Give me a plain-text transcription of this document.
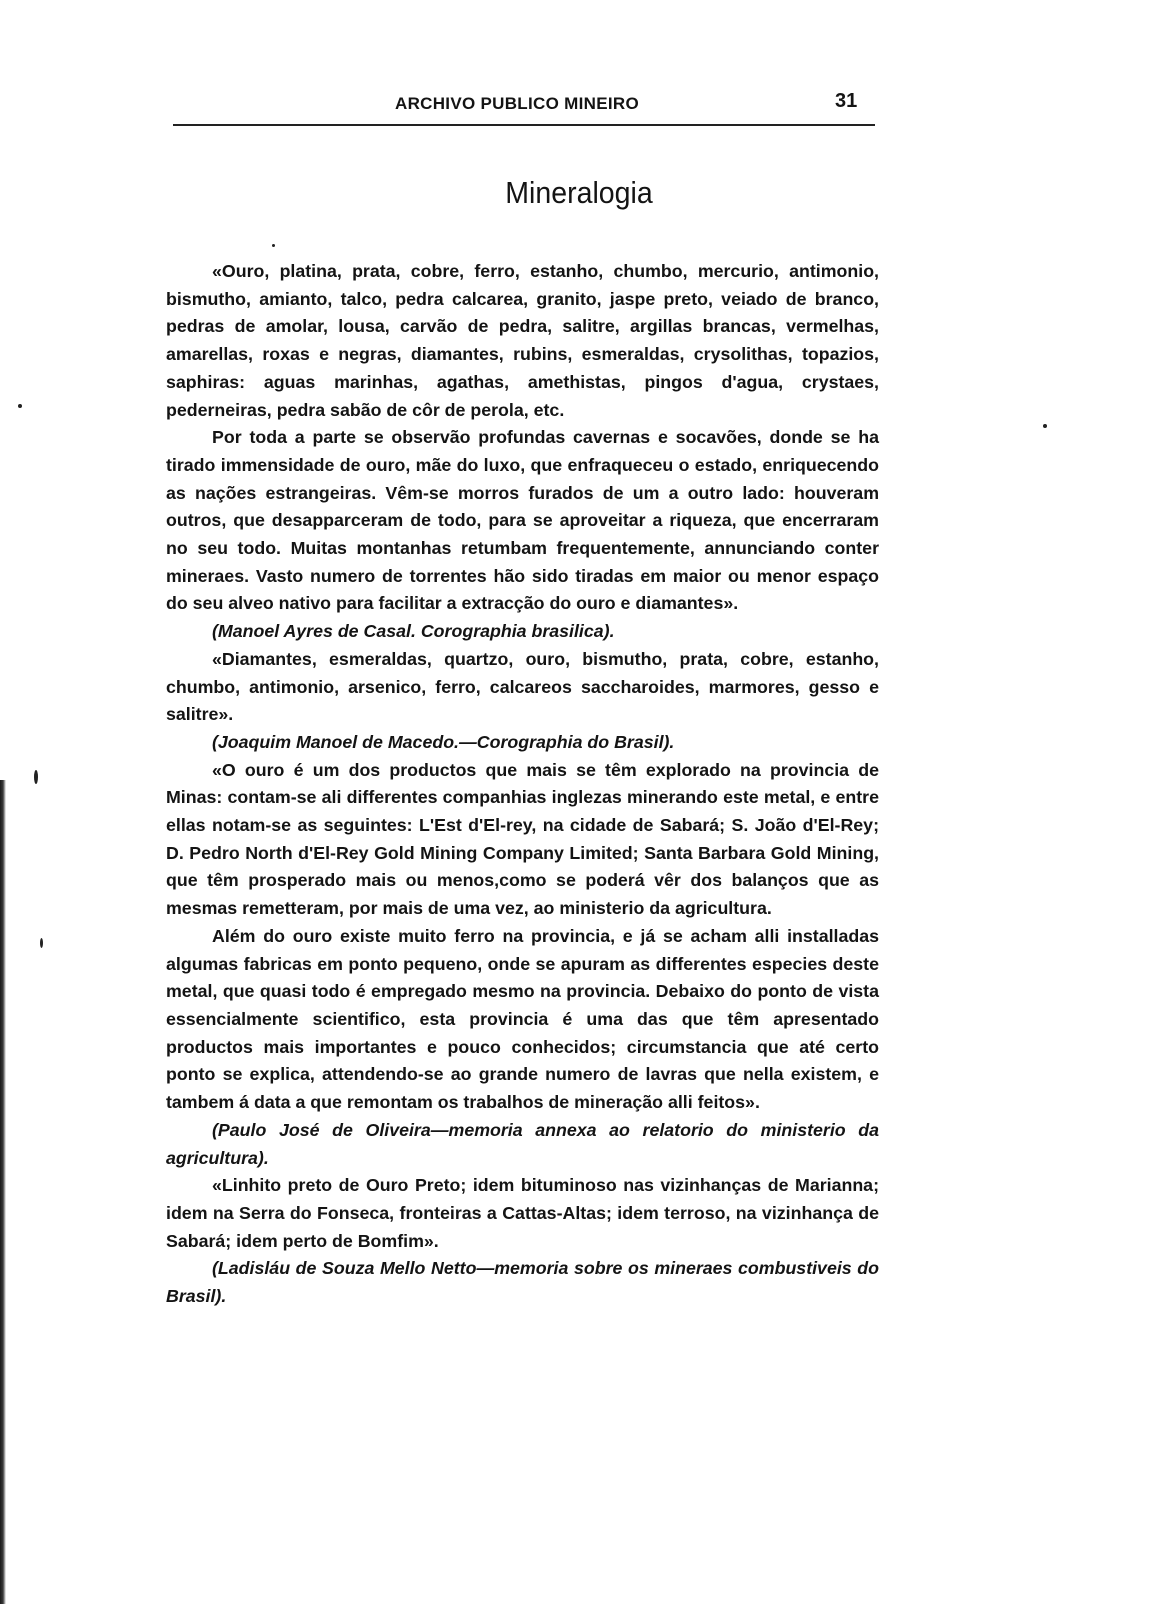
ARCHIVO PUBLICO MINEIRO	31
Mineralogia

«Ouro, platina, prata, cobre, ferro, estanho, chumbo, mercurio, antimonio, bismutho, amianto, talco, pedra calcarea, granito, jaspe preto, veiado de branco, pedras de amolar, lousa, carvão de pedra, salitre, argillas brancas, vermelhas, amarellas, roxas e negras, diamantes, rubins, esmeraldas, crysolithas, topazios, saphiras: aguas marinhas, agathas, amethistas, pingos d'agua, crystaes, pederneiras, pedra sabão de côr de perola, etc.

Por toda a parte se observão profundas cavernas e socavões, donde se ha tirado immensidade de ouro, mãe do luxo, que enfraqueceu o estado, enriquecendo as nações estrangeiras. Vêm-se morros furados de um a outro lado: houveram outros, que desapparceram de todo, para se aproveitar a riqueza, que encerraram no seu todo. Muitas montanhas retumbam frequentemente, annunciando conter mineraes. Vasto numero de torrentes hão sido tiradas em maior ou menor espaço do seu alveo nativo para facilitar a extracção do ouro e diamantes».

(Manoel Ayres de Casal. Corographia brasilica).

«Diamantes, esmeraldas, quartzo, ouro, bismutho, prata, cobre, estanho, chumbo, antimonio, arsenico, ferro, calcareos saccharoides, marmores, gesso e salitre».

(Joaquim Manoel de Macedo.—Corographia do Brasil).

«O ouro é um dos productos que mais se têm explorado na provincia de Minas: contam-se ali differentes companhias inglezas minerando este metal, e entre ellas notam-se as seguintes: L'Est d'El-rey, na cidade de Sabará; S. João d'El-Rey; D. Pedro North d'El-Rey Gold Mining Company Limited; Santa Barbara Gold Mining, que têm prosperado mais ou menos,como se poderá vêr dos balanços que as mesmas remetteram, por mais de uma vez, ao ministerio da agricultura.

Além do ouro existe muito ferro na provincia, e já se acham alli installadas algumas fabricas em ponto pequeno, onde se apuram as differentes especies deste metal, que quasi todo é empregado mesmo na provincia. Debaixo do ponto de vista essencialmente scientifico, esta provincia é uma das que têm apresentado productos mais importantes e pouco conhecidos; circumstancia que até certo ponto se explica, attendendo-se ao grande numero de lavras que nella existem, e tambem á data a que remontam os trabalhos de mineração alli feitos».

(Paulo José de Oliveira—memoria annexa ao relatorio do ministerio da agricultura).

«Linhito preto de Ouro Preto; idem bituminoso nas vizinhanças de Marianna; idem na Serra do Fonseca, fronteiras a Cattas-Altas; idem terroso, na vizinhança de Sabará; idem perto de Bomfim».

(Ladisláu de Souza Mello Netto—memoria sobre os mineraes combustiveis do Brasil).
